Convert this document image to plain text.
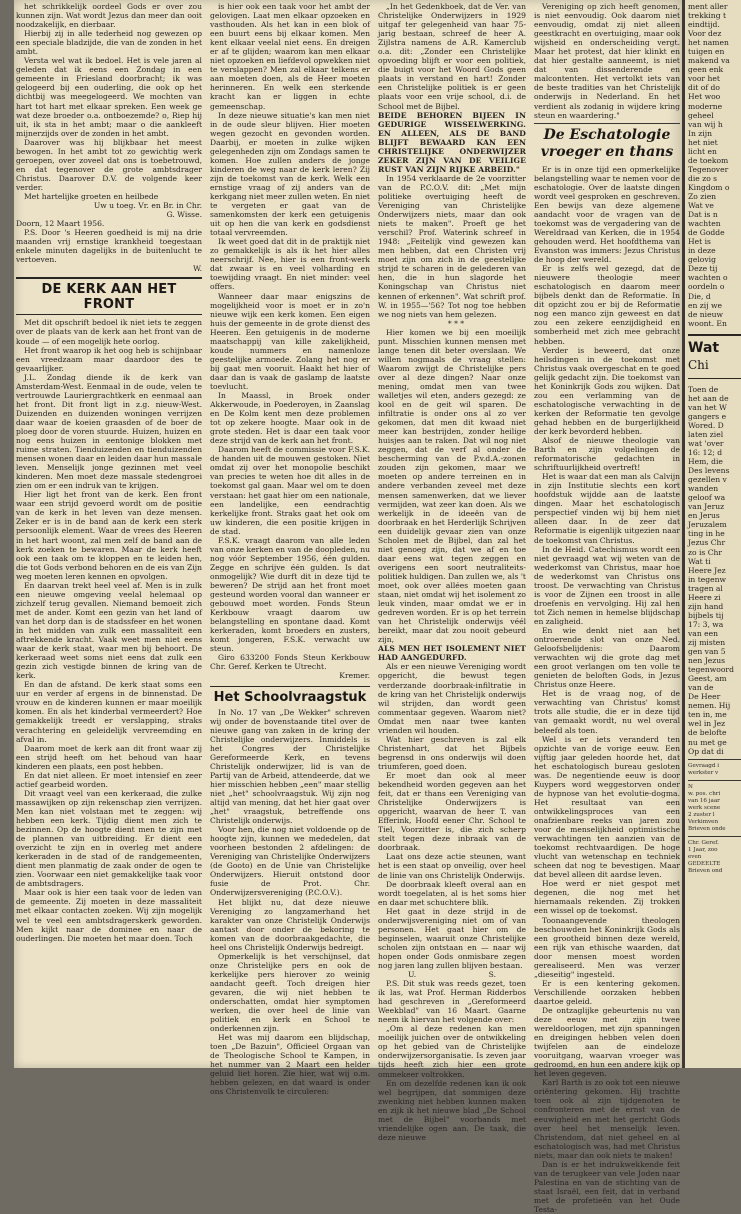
het schrikkelijk oordeel Gods er over zou kunnen zijn. Wat wordt Jezus dan meer dan ooit noodzakelijk, en dierbaar.

Hierbij zij in alle tederheid nog gewezen op een speciale bladzijde, die van de zonden in het ambt.

Versta wel wat ik bedoel. Het is vele jaren al geleden dat ik eens een Zondag in een gemeente in Friesland doorbracht; ik was gelogeerd bij een ouderling, die ook op het dichtbij was meegelogeerd. We mochten van hart tot hart met elkaar spreken. Een week ge wat deze broeder o.a. ontboezemde? o, Riep hij uit, ik sta in het ambt; maar o die aankleeft mijnerzijds over de zonden in het ambt.

Daarover was hij blijkbaar het meest bewogen. In het ambt tot zo gewichtig werk geroepen, over zoveel dat ons is toebetrouwd, en dat tegenover de grote ambtsdrager Christus. Daarover D.V. de volgende keer verder.

Met hartelijke groeten en heilbede

Uw u toeg. Vr. en Br. in Chr.

G. Wisse.

Doorn, 12 Maart 1956.

P.S. Door 's Heeren goedheid is mij na drie maanden vrij ernstige krankheid toegestaan enkele minuten dagelijks in de buitenlucht te vertoeven.

W.

DE KERK AAN HET FRONT

Met dit opschrift bedoel ik niet iets te zeggen over de plaats van de kerk aan het front van de koude — of een mogelijk hete oorlog.

Het front waarop ik het oog heb is schijnbaar een vreedzaam maar daardoor des te gevaarlijker.

J.L. Zondag diende ik de kerk van Amsterdam-West. Eenmaal in de oude, velen te vertrouwde Lauriergrachtkerk en eenmaal aan het front. Dit front ligt in z.g. nieuw-West. Duizenden en duizenden woningen verrijzen daar waar de koeien graasden of de boer de ploeg door de voren stuurde. Huizen, huizen en nog eens huizen in eentonige blokken met ruime straten. Tienduizenden en tienduizenden mensen wonen daar en leiden daar hun massale leven. Menselijk jonge gezinnen met veel kinderen. Men moet deze massale stedengroei zien om er een indruk van te krijgen.

Hier ligt het front van de kerk. Een front waar een strijd gevoerd wordt om de positie van de kerk in het leven van deze mensen. Zeker er is in de band aan de kerk een sterk persoonlijk element. Waar de vrees des Heeren in het hart woont, zal men zelf de band aan de kerk zoeken te bewaren. Maar de kerk heeft ook een taak om te kloppen en te leiden hen, die tot Gods verbond behoren en de eis van Zijn weg moeten leren kennen en opvolgen.

En daarvan trekt heel veel af. Men is in zulk een nieuwe omgeving veelal helemaal op zichzelf terug gevallen. Niemand bemoeit zich met de ander. Komt een gezin van het land of van het dorp dan is de stadssfeer en het wonen in het midden van zulk een massaliteit een aftrekkende kracht. Vaak weet men niet eens waar de kerk staat, waar men bij behoort. De kerkeraad weet soms niet eens dat zulk een gezin zich vestigde binnen de kring van de kerk.

En dan de afstand. De kerk staat soms een uur en verder af ergens in de binnenstad. De vrouw en de kinderen kunnen er maar moeilijk komen. En als het kinderbal vermeerdert? Hoe gemakkelijk treedt er verslapping, straks verachtering en geleidelijk vervreemding en afval in.

Daarom moet de kerk aan dit front waar zij een strijd heeft om het behoud van haar kinderen een plaats, een post hebben.

En dat niet alleen. Er moet intensief en zeer actief gearbeid worden.

Dit vraagt veel van een kerkeraad, die zulke massawijken op zijn rekenschap zien verrijzen. Men kan niet volstaan met te zeggen: wij hebben een kerk. Tijdig dient men zich te bezinnen. Op de hoogte dient men te zijn met de plannen van uitbreiding. Er dient een overzicht te zijn en in overleg met andere kerkeraden in de stad of de randgemeenten, dient men planmatig de zaak onder de ogen te zien. Voorwaar een niet gemakkelijke taak voor de ambtsdragers.

Maar ook is hier een taak voor de leden van de gemeente. Zij moeten in deze massaliteit met elkaar contacten zoeken. Wij zijn mogelijk wel te veel een ambtsdragerskerk geworden. Men kijkt naar de dominee en naar de ouderlingen. Die moeten het maar doen. Toch

is hier ook een taak voor het ambt der gelovigen. Laat men elkaar opzoeken en vasthouden. Als het kan in een blok of een buurt eens bij elkaar komen. Men kent elkaar veelal niet eens. En dreigen er af te glijden; waarom kan men elkaar niet opzoeken en liefdevol opwekken niet te verslappen? Men zal elkaar telkens er aan moeten doen, als de Heer moeten herinneren. En welk een sterkende kracht kan er liggen in echte gemeenschap.

In deze nieuwe situatie's kan men niet in de oude sleur blijven. Hier moeten wegen gezocht en gevonden worden. Daarbij, er moeten in zulke wijken gelegenheden zijn om Zondags samen te komen. Hoe zullen anders de jonge kinderen de weg naar de kerk leren? Zij zijn de toekomst van de kerk. Welk een ernstige vraag of zij anders van de kerkgang niet meer zullen weten. En niet te vergeten er gaat van de samenkomsten der kerk een getuigenis uit op hen die van kerk en godsdienst totaal vervreemden.

Ik weet goed dat dit in de praktijk niet zo gemakkelijk is als ik het hier alles neerschrijf. Nee, hier is een front-werk dat zwaar is en veel volharding en toewijding vraagt. En niet minder: veel offers.

Wanneer daar maar enigszins de mogelijkheid voor is moet er in zo'n nieuwe wijk een kerk komen. Een eigen huis der gemeente in de grote dienst des Heeren. Een getuigenis in de moderne maatschappij van kille zakelijkheid, koude nummers en namenloze geestelijke armoede. Zolang het nog er bij gaat men vooruit. Haakt het hier of daar dan is vaak de gaslamp de laatste toevlucht.

In Maassl, in Broek onder Akkerwoude, in Poederoyen, in Zaanslag en De Kolm kent men deze problemen tot op zekere hoogte. Maar ook in de grote steden. Het is daar een taak voor deze strijd van de kerk aan het front.

Daarom heeft de commissie voor F.S.K. de handen uit de mouwen gestoken. Niet omdat zij over het monopolie beschikt van precies te weten hoe dit alles in de toekomst gal gaan. Maar wel om te doen verstaan: het gaat hier om een nationale, een landelijke, een eendrachtig kerkelijke front. Straks gaat het ook om uw kinderen, die een positie krijgen in de stad.

F.S.K. vraagt daarom van alle leden van onze kerken en van de doopleden, nu nog vóór September 1956, één gulden. Zegge en schrijve één gulden. Is dat onmogelijk? Wie durft dit in deze tijd te beweren? De strijd aan het front moet gesteund worden vooral dan wanneer er gebouwd moet worden. Fonds Steun Kerkbouw vraagt daarom uw belangstelling en spontane daad. Komt kerkeraden, komt broeders en zusters, komt jongeren, F.S.K. verwacht uw steun.

Giro 633200 Fonds Steun Kerkbouw Chr. Geref. Kerken te Utrecht.

Kremer.

Het Schoolvraagstuk

In No. 17 van „De Wekker" schreven wij onder de bovenstaande titel over de nieuwe gang van zaken in de kring der Christelijke onderwijzers. Inmiddels is het Congres der Christelijke Gereformeerde Kerk, en tevens Christelijk onderwijzer, lid is van de Partij van de Arbeid, attendeerde, dat we hier misschien hebben „een" maar stellig niet „het" schoolvraagstuk. Wij zijn nog altijd van mening, dat het hier gaat over „het" vraagstuk, betreffende ons Christelijk onderwijs.

Voor hen, die nog niet voldoende op de hoogte zijn, kunnen we mededelen, dat voorheen bestonden 2 afdelingen: de Vereniging van Christelijke Onderwijzers (de Gooto) en de Unie van Christelijke Onderwijzers. Hieruit ontstond door fusie de Prot. Chr. Onderwijzersvereniging (P.C.O.V.).

Het blijkt nu, dat deze nieuwe Vereniging zo langzamerhand het karakter van onze Christelijk Onderwijs aantast door onder de bekoring te komen van de doorbraakgedachte, die heel ons Christelijk Onderwijs bedreigt.

Opmerkelijk is het verschijnsel, dat onze Christelijke pers en ook de kerkelijke pers hierover zo weinig aandacht geeft. Toch dreigen hier gevaren, die wij niet hebben te onderschatten, omdat hier symptomen werken, die over heel de linie van politiek en kerk en School te onderkennen zijn.

Het was mij daarom een blijdschap, toen „De Bazuin", Officieel Orgaan van de Theologische School te Kampen, in het nummer van 2 Maart een helder geluid liet horen. Zie hier, wat wij o.m. hebben gelezen, en dat waard is onder ons Christenvolk te circuleren:

„In het Gedenkboek, dat de Ver. van Christelijke Onderwijzers in 1929 uitgaf ter gelegenheid van haar 75-jarig bestaan, schreef de heer A. Zijlstra namens de A.R. Kamerclub o.a. dit: „Zonder een Christelijke opvoeding blijft er voor een politiek, die buigt voor het Woord Gods geen plaats in verstand en hart! Zonder een Christelijke politiek is er geen plaats voor een vrije school, d.i. de School met de Bijbel.

BEIDE BEHOREN BIJEEN IN GEDURIGE WISSELWERKING. EN ALLEEN, ALS DE BAND BLIJFT BEWAARD KAN EEN CHRISTELIJKE ONDERWIJZER ZEKER ZIJN VAN DE VEILIGE RUST VAN ZIJN RIJKE ARBEID."

In 1954 verklaarde de 2e voorzitter van de P.C.O.V. dit: „Met mijn politieke overtuiging heeft de Vereniging van Christelijke Onderwijzers niets, maar dan ook niets te maken". Proeft ge het verschil? Prof. Waterink schreef in 1948: „Feitelijk vind gewezen kan men hebben, dat een Christen vrij moet zijn om zich in de geestelijke strijd te scharen in de gelederen van hen, die in hun slagorde het Koningschap van Christus niet kennen of erkennen". Wat schrift prof. W. in 1955—'56? Tot nog toe hebben we nog niets van hem gelezen.

* * *

Hier komen we bij een moeilijk punt. Misschien kunnen mensen met lange tenen dit beter overslaan. We willen nogmaals de vraag stellen: Waarom zwijgt de Christelijke pers over al deze dingen? Naar onze mening, omdat men van twee walletjes wil eten, anders gezegd: ze kool en de geit wil sparen. De infiltratie is onder ons al zo ver gekomen, dat men dit kwaad niet meer kan bestrijden, zonder heilige huisjes aan te raken. Dat wil nog niet zeggen, dat de verf al onder de bescherming van de P.v.d.A.-zonen zouden zijn gekomen, maar we moeten op andere terreinen en in andere verbanden zeveel met deze mensen samenwerken, dat we liever vermijden, wat zeer kan doen. Als we werkelijk in de ideeën van de doorbraak en het Herderlijk Schrijven een duidelijk gevaar zien van onze Scholen met de Bijbel, dan zal het niet genoeg zijn, dat we af en toe daar eens wat tegen zeggen en overigens een soort neutraliteits-politiek huldigen. Dan zullen we, als 't moet, ook over allées moeten gaan staan, niet omdat wij het isolement zo leuk vinden, maar omdat we er in gedreven worden. Er is op het terrein van het Christelijk onderwijs véél bereikt, maar dat zou nooit gebeurd zijn,

ALS MEN HET ISOLEMENT NIET HAD AANGEDURFD.

Als er een nieuwe Vereniging wordt opgericht, die bewust tegen verderzande doorbraak-infiltratie in de kring van het Christelijk onderwijs wil strijden, dan wordt geen commentaar gegeven. Waarom niet? Omdat men naar twee kanten vrienden wil houden.

Wat hier geschreven is zal elk Christenhart, dat het Bijbels begrensd in ons onderwijs wil doen triumferen, goed doen.

Er moet dan ook al meer bekendheid worden gegeven aan het feit, dat er thans een Vereniging van Christelijke Onderwijzers is opgericht, waarvan de heer T. van Efferink, Hoofd eener Chr. School te Tiel, Voorzitter is, die zich scherp stelt tegen deze inbraak van de doorbraak.

Laat ons deze actie steunen, want het is een staat op onveilig, over heel de linie van ons Christelijk Onderwijs.

De doorbraak kleeft overal aan en wordt toegelaten, al is het soms hier en daar met schuchtere blik.

Het gaat in deze strijd in de onderwijsvereniging niet om of van personen. Het gaat hier om de beginselen, waaruit onze Christelijke scholen zijn ontstaan en — naar wij hopen onder Gods onmisbare zegen nog jaren lang zullen blijven bestaan.

U.	S.

P.S. Dit stuk was reeds gezet, toen ik las, wat Prof. Herman Ridderbos had geschreven in „Gereformeerd Weekblad" van 16 Maart. Gaarne neem ik hiervan het volgende over:

„Om al deze redenen kan men moeilijk juichen over de ontwikkeling op het gebied van de Christelijke onderwijzersorganisatie. Is zeven jaar tijds heeft zich hier een grote ommekeer voltrokken.

En om dezelfde redenen kan ik ook wel begrijpen, dat sommigen deze zwenking niet hebben kunnen maken en zijk ik het nieuwe blad „De School met de Bijbel" voorbands met vriendelijke ogen aan. De taak, die deze nieuwe

Vereniging op zich heeft genomen, is niet eenvoudig. Ook daarom niet eenvoudig, omdat zij niet alleen geestkracht en overtuiging, maar ook wijsheid en onderscheiding vergt. Maar het protest, dat hier klinkt en dat hier gestalte aanneemt, is niet dat van dissenderende en malcontenten. Het vertolkt iets van de beste tradities van het Christelijk onderwijs in Nederland. En het verdient als zodanig in wijdere kring steun en waardering."

De Eschatologie vroeger en thans

Er is in onze tijd een opmerkelijke belangstelling waar te nemen voor de eschatologie. Over de laatste dingen wordt veel gesproken en geschreven. Een bewijs van deze algemene aandacht voor de vragen van de toekomst was de vergadering van de Wereldraad van Kerken, die in 1954 gehouden werd. Het hoofdthema van Evanston was immers: Jezus Christus de hoop der wereld.

Er is zelfs wel gezegd, dat de nieuwere theologie meer eschatologisch en daarom meer bijbels denkt dan de Reformatie. In dit opzicht zou er bij de Reformatie nog een manco zijn geweest en dat zou een zekere eenzijdigheid en somberheid met zich mee gebracht hebben.

Verder is beweerd, dat onze heilsdingen in de toekomst met Christus vaak overgeschat en te goed gelijk gedacht zijn. Die toekomst van het Koninkrijk Gods zou wijken. Dat zou een verlamming van de eschatologische verwachting in de kerken der Reformatie ten gevolge gehad hebben en de burgerlijkheid der kerk bevorderd hebben.

Alsof de nieuwe theologie van Barth en zijn volgelingen de reformatorische gedachten in schriftuurlijkheid overtreft!

Het is waar dat een man als Calvijn in zijn Institutie slechts een kort hoofdstuk wijdde aan de laatste dingen. Maar het eschatologisch perspectief vinden wij bij hem niet alleen daar. In de zeer dat Reformatie is eigenlijk uitgezien naar de toekomst van Christus.

In de Heid. Catechismus wordt een niet gevraagd wat wij weten van de wederkomst van Christus, maar hoe de wederkomst van Christus ons troost. De verwachting van Christus is voor de Zijnen een troost in alle droefenis en vervolging. Hij zal hen tot Zich nemen in hemelse blijdschap en zaligheid.

En wie denkt niet aan het ontroerende slot van onze Ned. Geloofsbelijdenis: Daarom verwachten wij die grote dag met een groot verlangen om ten volle te genieten de beloften Gods, in Jezus Christus onze Heere.

Het is de vraag nog, of de verwachting van Christus' komst trots alle studie, die er in deze tijd van gemaakt wordt, nu wel overal beleefd als toen.

Wel is er iets veranderd ten opzichte van de vorige eeuw. Een vijftig jaar geleden hoorde het, dat het eschatologisch bureau gesloten was. De negentiende eeuw is door Kuypers word weggestorven onder de hypnose van het evolutie-dogma. Het resultaat van een ontwikkelingsproces van een onafzienbare reeks van jaren zou voor de menselijkheid optimistische verwachtingen ten aanzien van de toekomst rechtvaardigen. De hoge vlucht van wetenschap en techniek scheen dat nog te bevestigen. Maar dat bevel alleen dit aardse leven.

Hoe werd er niet gespot met degenen, die nog met het hiernamaals rekenden. Zij trokken een wissel op de toekomst.

Toonaangevende theologen beschouwden het Koninkrijk Gods als een grootheid binnen deze wereld, een rijk van ethische waarden, dat door mensen moest worden gerealiseerd. Men was verzer „dieseitig" ingesteld.

Er is een kentering gekomen. Verschillende oorzaken hebben daartoe geleid.

De ontzaglijke gebeurtenis nu van deze eeuw met zijn twee wereldoorlogen, met zijn spanningen en dreigingen hebben velen doen twijfelen aan de eindeloze vooruitgang, waarvan vroeger was gedroomd, en hun een andere kijk op het leven gegeven.

Karl Barth is zo ook tot een nieuwe oriëntering gekomen. Hij trachtte toen ook al zijn tijdgenoten te confronteren met de ernst van de eeuwigheid en met het gericht Gods over heel het menselijk leven. Christendom, dat niet geheel en al eschatologisch was, had met Christus niets, maar dan ook niets te maken!

Dan is er het indrukwekkende feit van de terugkeer van vele Joden naar Palestina en van de stichting van de staat Israël, een feit, dat in verband met de profetieën van het Oude Testa-

ment aller
trekking t
eindtijd.
Voor dez
het namen
tuigen en
makend va
geen enk
voor het
dit of do
Het woo
moderne
geheel
van wij h
In zijn
het niet
licht en
de toekom
Tegenover
die zo s
Kingdom o
Zo zien
Wat ve
Dat is n
wachten
de Godde
Het is
in deze
gelovig
Deze tij
wachten o
oordeln o
Die, d
en zij we
de nieuw
woont. En
Wat
Chi
Toen de
het aan de
van het W
gangers e
Wored. D
laten ziel
wat 'over
16: 12; d
Hem, die
Des levens
gezellen v
wanden
geloof wa
van Jeruz
en Jerus
Jeruzalem
ting in he
Jezus Chr
zo is Chr
Wat ti
Heere Jez
in tegenw
tragen al
Heere zi
zijn hand
bijbels tij
17: 3, wa
van een
zij misten
gen van 5
nen Jezus
tegenwoord
Geest, am
van de
De Heer
nemen. Hij
ten in, me
wel in Jez
de belofte
nu met ge
Op dat di
Gevraagd i
werkster v
N
w. pos. chri
van 16 jaar
werk scene
2 zuster l
Verkimven
Brieven onde
Chr. Geref.
1 Jaar, zoo
even
GEDEELTE
Brieven ond
